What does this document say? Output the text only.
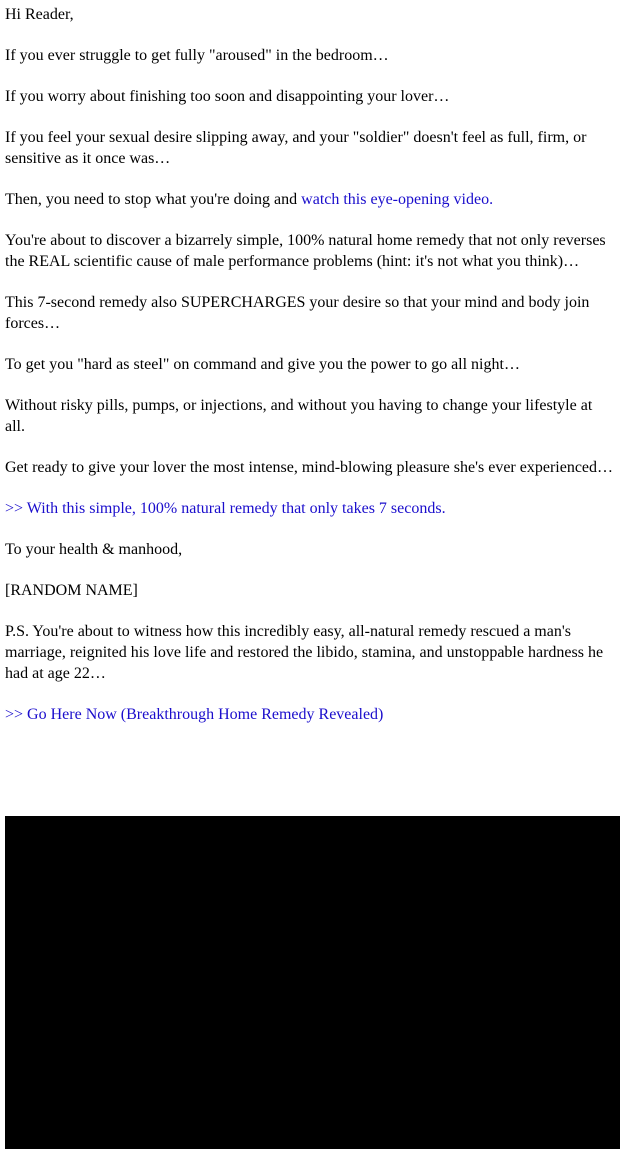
Hi Reader,

If you ever struggle to get fully "aroused" in the bedroom…

If you worry about finishing too soon and disappointing your lover…

If you feel your sexual desire slipping away, and your "soldier" doesn't feel as full, firm, or sensitive as it once was…

Then, you need to stop what you're doing and watch this eye-opening video.

You're about to discover a bizarrely simple, 100% natural home remedy that not only reverses the REAL scientific cause of male performance problems (hint: it's not what you think)…

This 7-second remedy also SUPERCHARGES your desire so that your mind and body join forces…

To get you "hard as steel" on command and give you the power to go all night…

Without risky pills, pumps, or injections, and without you having to change your lifestyle at all.

Get ready to give your lover the most intense, mind-blowing pleasure she's ever experienced…

>> With this simple, 100% natural remedy that only takes 7 seconds.

To your health & manhood,

[RANDOM NAME]

P.S. You're about to witness how this incredibly easy, all-natural remedy rescued a man's marriage, reignited his love life and restored the libido, stamina, and unstoppable hardness he had at age 22…

>> Go Here Now (Breakthrough Home Remedy Revealed)
